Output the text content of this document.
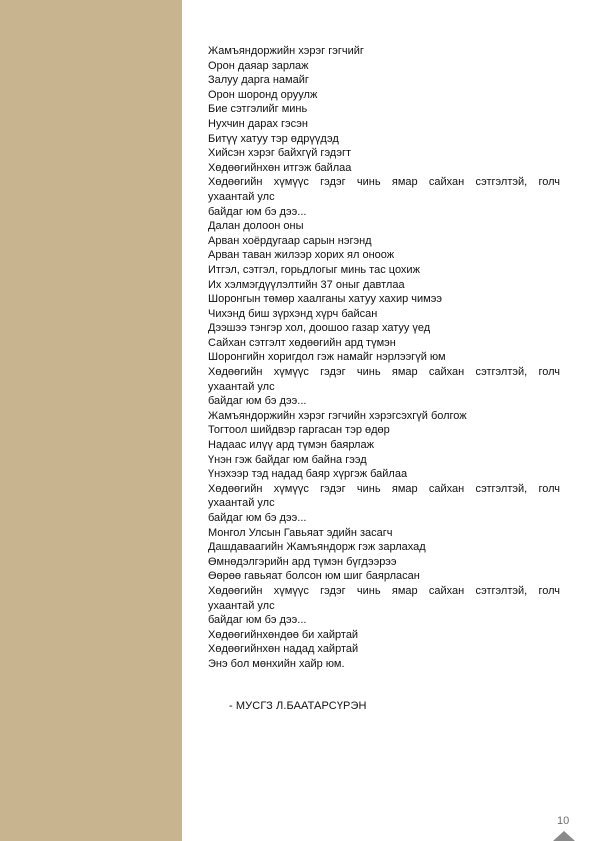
Жамъяндоржийн хэрэг гэгчийг
Орон даяар зарлаж
Залуу дарга намайг
Орон шоронд оруулж
Бие сэтгэлийг минь
Нухчин дарах гэсэн
Битүү хатуу тэр өдрүүдэд
Хийсэн хэрэг байхгүй гэдэгт
Хөдөөгийнхөн итгэж байлаа
Хөдөөгийн хүмүүс гэдэг чинь ямар сайхан сэтгэлтэй, голч
ухаантай улс
байдаг юм бэ дээ...
Далан долоон оны
Арван хоёрдугаар сарын нэгэнд
Арван таван жилээр хорих ял оноож
Итгэл, сэтгэл, горьдлогыг минь тас цохиж
Их хэлмэгдүүлэлтийн 37 оныг давтлаа
Шоронгын төмөр хаалганы хатуу хахир чимээ
Чихэнд биш зүрхэнд хүрч байсан
Дээшээ тэнгэр хол, доошоо газар хатуу үед
Сайхан сэтгэлт хөдөөгийн ард түмэн
Шоронгийн хоригдол гэж намайг нэрлээгүй юм
Хөдөөгийн хүмүүс гэдэг чинь ямар сайхан сэтгэлтэй, голч
ухаантай улс
байдаг юм бэ дээ...
Жамъяндоржийн хэрэг гэгчийн хэрэгсэхгүй болгож
Тогтоол шийдвэр гаргасан тэр өдөр
Надаас илүү ард түмэн баярлаж
Үнэн гэж байдаг юм байна гээд
Үнэхээр тэд надад баяр хүргэж байлаа
Хөдөөгийн хүмүүс гэдэг чинь ямар сайхан сэтгэлтэй, голч
ухаантай улс
байдаг юм бэ дээ...
Монгол Улсын Гавьяат эдийн засагч
Дашдаваагийн Жамъяндорж гэж зарлахад
Өмнөдэлгэрийн ард түмэн бүгдээрээ
Өөрөө гавьяат болсон юм шиг баярласан
Хөдөөгийн хүмүүс гэдэг чинь ямар сайхан сэтгэлтэй, голч
ухаантай улс
байдаг юм бэ дээ...
Хөдөөгийнхөндөө би хайртай
Хөдөөгийнхөн надад хайртай
Энэ бол мөнхийн хайр юм.
- МУСГЗ Л.БААТАРСҮРЭН
10
